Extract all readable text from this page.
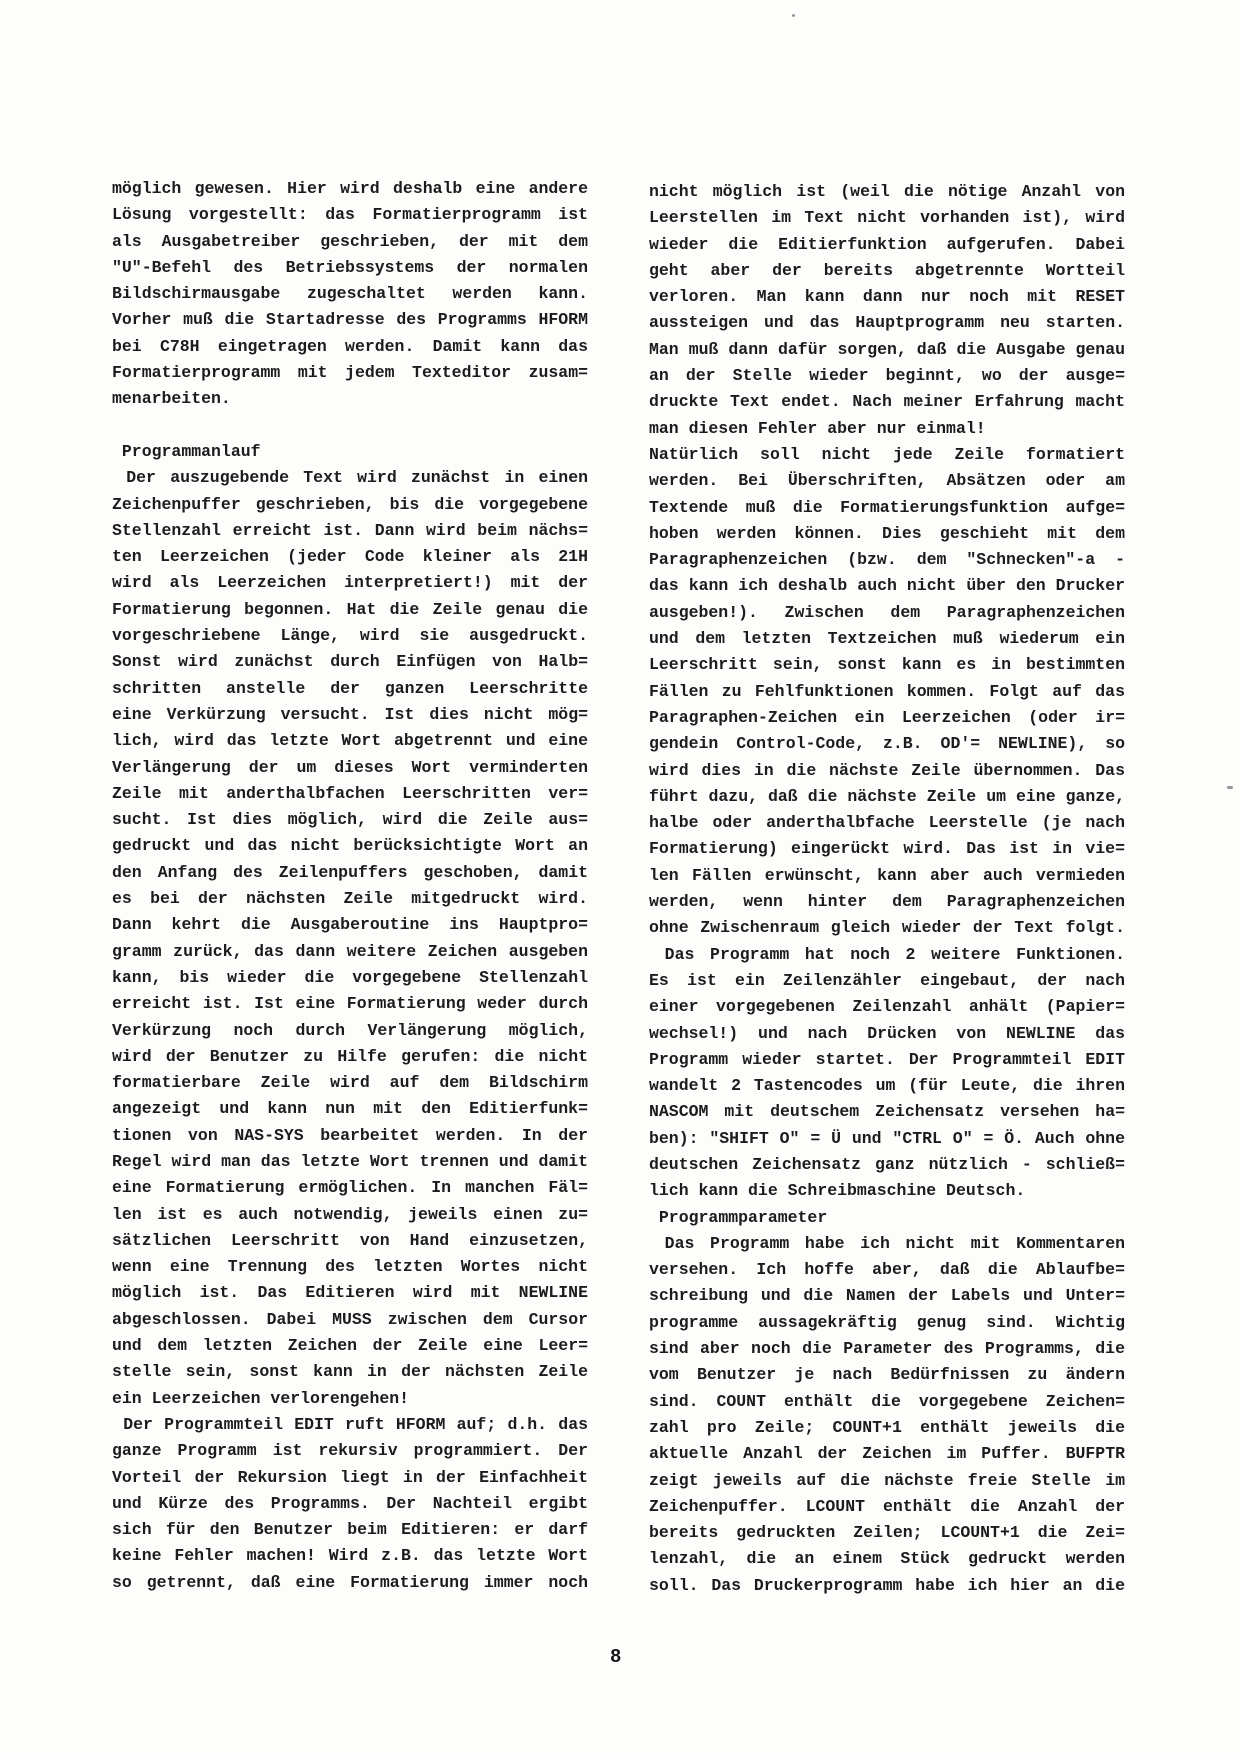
möglich gewesen. Hier wird deshalb eine andere
Lösung vorgestellt: das Formatierprogramm ist
als Ausgabetreiber geschrieben, der mit dem
"U"-Befehl des Betriebssystems der normalen
Bildschirmausgabe zugeschaltet werden kann.
Vorher muß die Startadresse des Programms HFORM
bei C78H eingetragen werden. Damit kann das
Formatierprogramm mit jedem Texteditor zusam=
menarbeiten.

Programmanlauf
Der auszugebende Text wird zunächst in einen
Zeichenpuffer geschrieben, bis die vorgegebene
Stellenzahl erreicht ist. Dann wird beim nächs=
ten Leerzeichen (jeder Code kleiner als 21H
wird als Leerzeichen interpretiert!) mit der
Formatierung begonnen. Hat die Zeile genau die
vorgeschriebene Länge, wird sie ausgedruckt.
Sonst wird zunächst durch Einfügen von Halb=
schritten anstelle der ganzen Leerschritte
eine Verkürzung versucht. Ist dies nicht mög=
lich, wird das letzte Wort abgetrennt und eine
Verlängerung der um dieses Wort verminderten
Zeile mit anderthalbfachen Leerschritten ver=
sucht. Ist dies möglich, wird die Zeile aus=
gedruckt und das nicht berücksichtigte Wort an
den Anfang des Zeilenpuffers geschoben, damit
es bei der nächsten Zeile mitgedruckt wird.
Dann kehrt die Ausgaberoutine ins Hauptpro=
gramm zurück, das dann weitere Zeichen ausgeben
kann, bis wieder die vorgegebene Stellenzahl
erreicht ist. Ist eine Formatierung weder durch
Verkürzung noch durch Verlängerung möglich,
wird der Benutzer zu Hilfe gerufen: die nicht
formatierbare Zeile wird auf dem Bildschirm
angezeigt und kann nun mit den Editierfunk=
tionen von NAS-SYS bearbeitet werden. In der
Regel wird man das letzte Wort trennen und damit
eine Formatierung ermöglichen. In manchen Fäl=
len ist es auch notwendig, jeweils einen zu=
sätzlichen Leerschritt von Hand einzusetzen,
wenn eine Trennung des letzten Wortes nicht
möglich ist. Das Editieren wird mit NEWLINE
abgeschlossen. Dabei MUSS zwischen dem Cursor
und dem letzten Zeichen der Zeile eine Leer=
stelle sein, sonst kann in der nächsten Zeile
ein Leerzeichen verlorengehen!
Der Programmteil EDIT ruft HFORM auf; d.h. das
ganze Programm ist rekursiv programmiert. Der
Vorteil der Rekursion liegt in der Einfachheit
und Kürze des Programms. Der Nachteil ergibt
sich für den Benutzer beim Editieren: er darf
keine Fehler machen! Wird z.B. das letzte Wort
so getrennt, daß eine Formatierung immer noch
nicht möglich ist (weil die nötige Anzahl von
Leerstellen im Text nicht vorhanden ist), wird
wieder die Editierfunktion aufgerufen. Dabei
geht aber der bereits abgetrennte Wortteil
verloren. Man kann dann nur noch mit RESET
aussteigen und das Hauptprogramm neu starten.
Man muß dann dafür sorgen, daß die Ausgabe genau
an der Stelle wieder beginnt, wo der ausge=
druckte Text endet. Nach meiner Erfahrung macht
man diesen Fehler aber nur einmal!
Natürlich soll nicht jede Zeile formatiert
werden. Bei Überschriften, Absätzen oder am
Textende muß die Formatierungsfunktion aufge=
hoben werden können. Dies geschieht mit dem
Paragraphenzeichen (bzw. dem "Schnecken"-a -
das kann ich deshalb auch nicht über den Drucker
ausgeben!). Zwischen dem Paragraphenzeichen
und dem letzten Textzeichen muß wiederum ein
Leerschritt sein, sonst kann es in bestimmten
Fällen zu Fehlfunktionen kommen. Folgt auf das
Paragraphen-Zeichen ein Leerzeichen (oder ir=
gendein Control-Code, z.B. OD'= NEWLINE), so
wird dies in die nächste Zeile übernommen. Das
führt dazu, daß die nächste Zeile um eine ganze,
halbe oder anderthalbfache Leerstelle (je nach
Formatierung) eingerückt wird. Das ist in vie=
len Fällen erwünscht, kann aber auch vermieden
werden, wenn hinter dem Paragraphenzeichen
ohne Zwischenraum gleich wieder der Text folgt.
Das Programm hat noch 2 weitere Funktionen.
Es ist ein Zeilenzähler eingebaut, der nach
einer vorgegebenen Zeilenzahl anhält (Papier=
wechsel!) und nach Drücken von NEWLINE das
Programm wieder startet. Der Programmteil EDIT
wandelt 2 Tastencodes um (für Leute, die ihren
NASCOM mit deutschem Zeichensatz versehen ha=
ben): "SHIFT O" = Ü und "CTRL O" = Ö. Auch ohne
deutschen Zeichensatz ganz nützlich - schließ=
lich kann die Schreibmaschine Deutsch.
Programmparameter
Das Programm habe ich nicht mit Kommentaren
versehen. Ich hoffe aber, daß die Ablaufbe=
schreibung und die Namen der Labels und Unter=
programme aussagekräftig genug sind. Wichtig
sind aber noch die Parameter des Programms, die
vom Benutzer je nach Bedürfnissen zu ändern
sind. COUNT enthält die vorgegebene Zeichen=
zahl pro Zeile; COUNT+1 enthält jeweils die
aktuelle Anzahl der Zeichen im Puffer. BUFPTR
zeigt jeweils auf die nächste freie Stelle im
Zeichenpuffer. LCOUNT enthält die Anzahl der
bereits gedruckten Zeilen; LCOUNT+1 die Zei=
lenzahl, die an einem Stück gedruckt werden
soll. Das Druckerprogramm habe ich hier an die
8
